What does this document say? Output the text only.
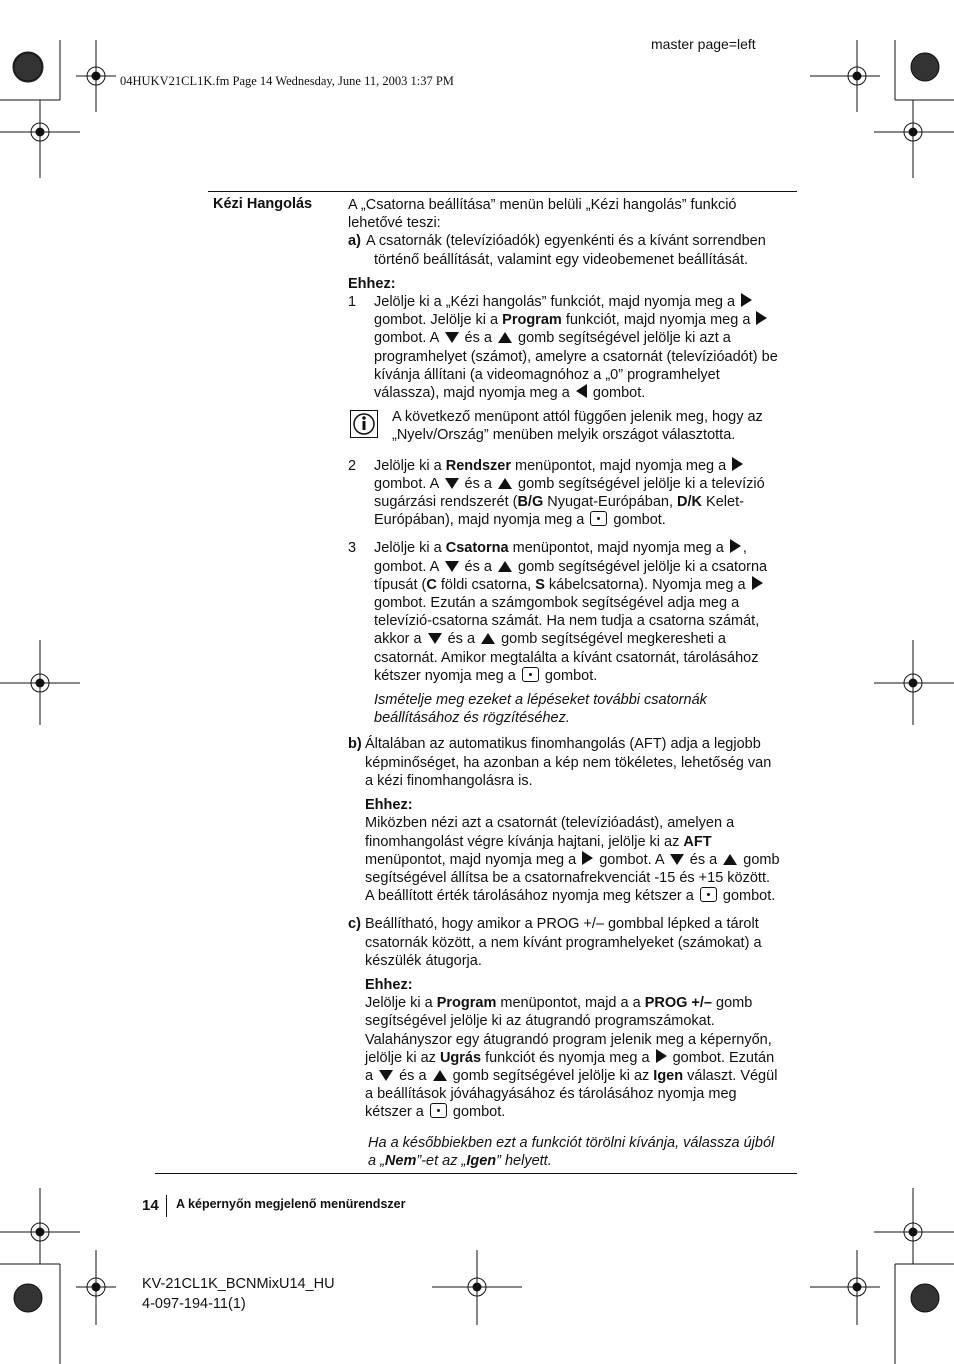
master page=left
04HUKV21CL1K.fm Page 14 Wednesday, June 11, 2003 1:37 PM
Kézi Hangolás A „Csatorna beállítása” menün belüli „Kézi hangolás” funkció
lehetővé teszi:
a) A csatornák (televízióadók) egyenkénti és a kívánt sorrendben
történő beállítását, valamint egy videobemenet beállítását.
Ehhez:
1 Jelölje ki a „Kézi hangolás” funkciót, majd nyomja meg a
gombot. Jelölje ki a Program funkciót, majd nyomja meg a
gombot. A  és a  gomb segítségével jelölje ki azt a
programhelyet (számot), amelyre a csatornát (televízióadót) be
kívánja állítani (a videomagnóhoz a „0” programhelyet
válassza), majd nyomja meg a  gombot.
A következő menüpont attól függően jelenik meg, hogy az
„Nyelv/Ország” menüben melyik országot választotta.
2 Jelölje ki a Rendszer menüpontot, majd nyomja meg a
gombot. A  és a  gomb segítségével jelölje ki a televízió
sugárzási rendszerét (B/G Nyugat-Európában, D/K Kelet-
Európában), majd nyomja meg a  gombot.
3 Jelölje ki a Csatorna menüpontot, majd nyomja meg a ,
gombot. A  és a  gomb segítségével jelölje ki a csatorna
típusát (C földi csatorna, S kábelcsatorna). Nyomja meg a
gombot. Ezután a számgombok segítségével adja meg a
televízió-csatorna számát. Ha nem tudja a csatorna számát,
akkor a  és a  gomb segítségével megkeresheti a
csatornát. Amikor megtalálta a kívánt csatornát, tárolásához
kétszer nyomja meg a  gombot.
Ismételje meg ezeket a lépéseket további csatornák
beállításához és rögzítéséhez.
b) Általában az automatikus finomhangolás (AFT) adja a legjobb
képminőséget, ha azonban a kép nem tökéletes, lehetőség van
a kézi finomhangolásra is.
Ehhez:
Miközben nézi azt a csatornát (televízióadást), amelyen a
finomhangolást végre kívánja hajtani, jelölje ki az AFT
menüpontot, majd nyomja meg a  gombot. A  és a  gomb
segítségével állítsa be a csatornafrekvenciát -15 és +15 között.
A beállított érték tárolásához nyomja meg kétszer a  gombot.
c) Beállítható, hogy amikor a PROG +/– gombbal lépked a tárolt
csatornák között, a nem kívánt programhelyeket (számokat) a
készülék átugorja.
Ehhez:
Jelölje ki a Program menüpontot, majd a a PROG +/– gomb
segítségével jelölje ki az átugrandó programszámokat.
Valahányszor egy átugrandó program jelenik meg a képernyőn,
jelölje ki az Ugrás funkciót és nyomja meg a  gombot. Ezután
a  és a  gomb segítségével jelölje ki az Igen választ. Végül
a beállítások jóváhagyásához és tárolásához nyomja meg
kétszer a  gombot.
Ha a későbbiekben ezt a funkciót törölni kívánja, válassza újból
a „Nem”-et az „Igen” helyett.
14 A képernyőn megjelenő menürendszer
KV-21CL1K_BCNMixU14_HU
4-097-194-11(1)
